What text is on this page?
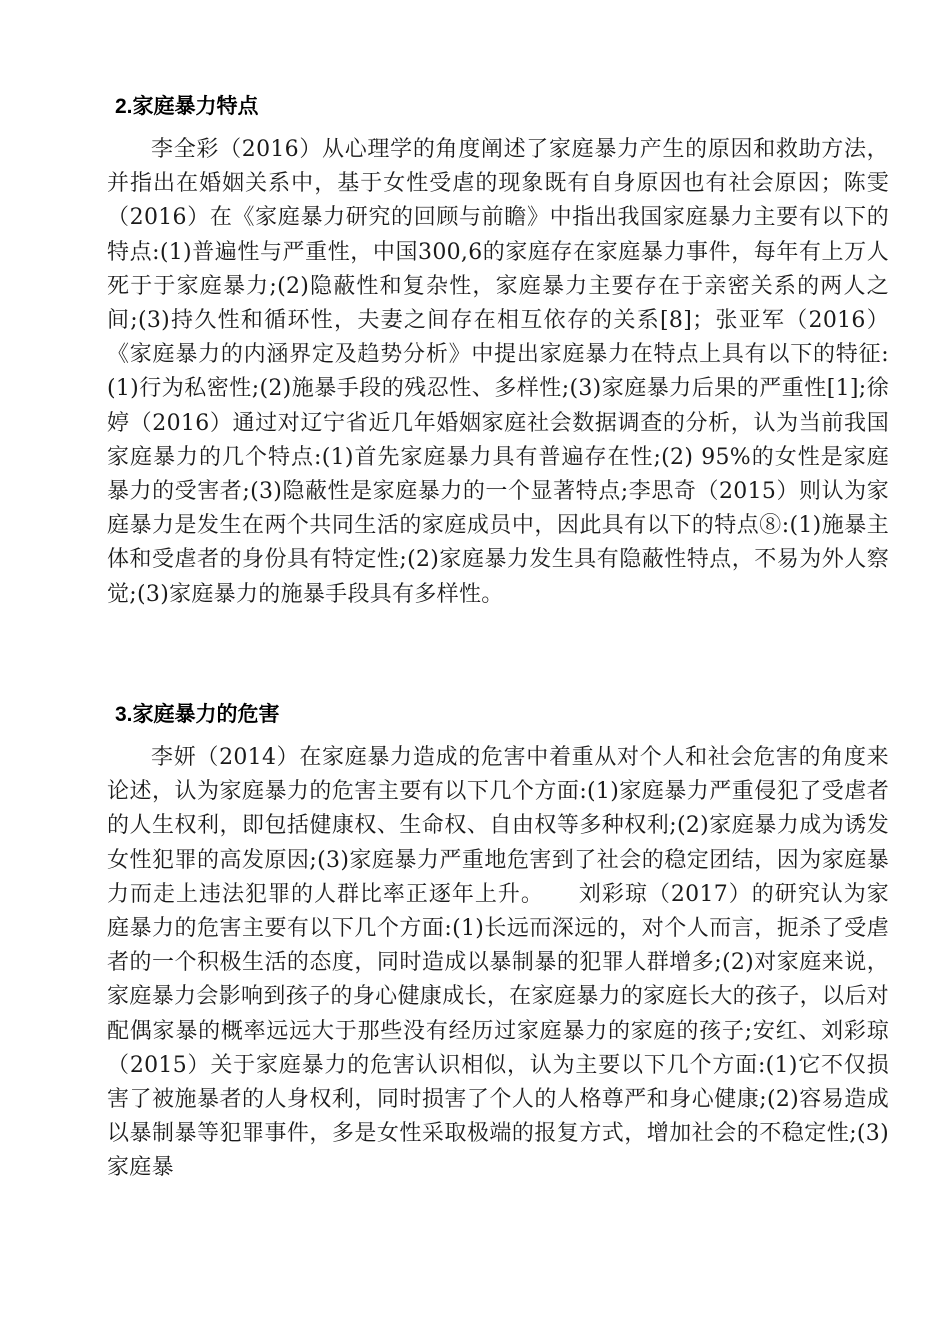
2.家庭暴力特点

李全彩（2016）从心理学的角度阐述了家庭暴力产生的原因和救助方法，并指出在婚姻关系中，基于女性受虐的现象既有自身原因也有社会原因；陈雯（2016）在《家庭暴力研究的回顾与前瞻》中指出我国家庭暴力主要有以下的特点:(1)普遍性与严重性，中国300,6的家庭存在家庭暴力事件，每年有上万人死于于家庭暴力;(2)隐蔽性和复杂性，家庭暴力主要存在于亲密关系的两人之间;(3)持久性和循环性，夫妻之间存在相互依存的关系[8]；张亚军（2016）《家庭暴力的内涵界定及趋势分析》中提出家庭暴力在特点上具有以下的特征:(1)行为私密性;(2)施暴手段的残忍性、多样性;(3)家庭暴力后果的严重性[1];徐婷（2016）通过对辽宁省近几年婚姻家庭社会数据调查的分析，认为当前我国家庭暴力的几个特点:(1)首先家庭暴力具有普遍存在性;(2) 95%的女性是家庭暴力的受害者;(3)隐蔽性是家庭暴力的一个显著特点;李思奇（2015）则认为家庭暴力是发生在两个共同生活的家庭成员中，因此具有以下的特点⑧:(1)施暴主体和受虐者的身份具有特定性;(2)家庭暴力发生具有隐蔽性特点，不易为外人察觉;(3)家庭暴力的施暴手段具有多样性。

3.家庭暴力的危害

李妍（2014）在家庭暴力造成的危害中着重从对个人和社会危害的角度来论述，认为家庭暴力的危害主要有以下几个方面:(1)家庭暴力严重侵犯了受虐者的人生权利，即包括健康权、生命权、自由权等多种权利;(2)家庭暴力成为诱发女性犯罪的高发原因;(3)家庭暴力严重地危害到了社会的稳定团结，因为家庭暴力而走上违法犯罪的人群比率正逐年上升。　　刘彩琼（2017）的研究认为家庭暴力的危害主要有以下几个方面:(1)长远而深远的，对个人而言，扼杀了受虐者的一个积极生活的态度，同时造成以暴制暴的犯罪人群增多;(2)对家庭来说，家庭暴力会影响到孩子的身心健康成长，在家庭暴力的家庭长大的孩子，以后对配偶家暴的概率远远大于那些没有经历过家庭暴力的家庭的孩子;安红、刘彩琼（2015）关于家庭暴力的危害认识相似，认为主要以下几个方面:(1)它不仅损害了被施暴者的人身权利，同时损害了个人的人格尊严和身心健康;(2)容易造成以暴制暴等犯罪事件，多是女性采取极端的报复方式，增加社会的不稳定性;(3)家庭暴
